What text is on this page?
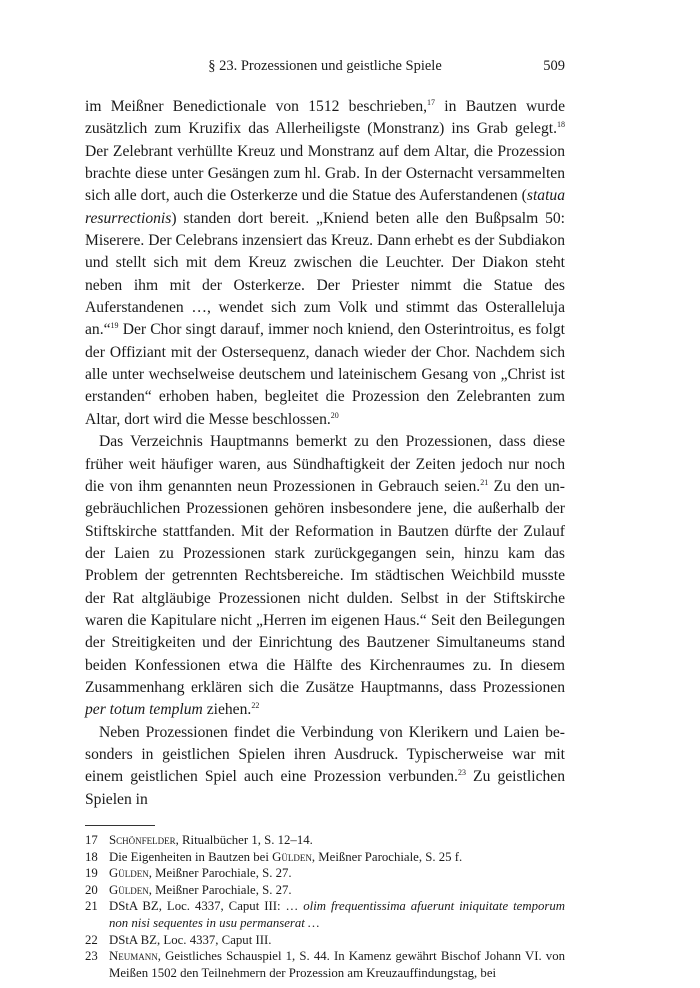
§ 23. Prozessionen und geistliche Spiele	509

im Meißner Benedictionale von 1512 beschrieben,$^{17}$ in Bautzen wurde zusätzlich zum Kruzifix das Allerheiligste (Monstranz) ins Grab gelegt.$^{18}$ Der Zelebrant verhüllte Kreuz und Monstranz auf dem Altar, die Prozession brachte diese unter Gesängen zum hl. Grab. In der Osternacht versammelten sich alle dort, auch die Osterkerze und die Statue des Auferstandenen (statua resurrectionis) standen dort bereit. „Kniend beten alle den Bußpsalm 50: Miserere. Der Celebrans inzensiert das Kreuz. Dann erhebt es der Subdiakon und stellt sich mit dem Kreuz zwischen die Leuchter. Der Diakon steht neben ihm mit der Osterkerze. Der Priester nimmt die Statue des Auferstandenen …, wendet sich zum Volk und stimmt das Osteralleluja an.“$^{19}$ Der Chor singt darauf, immer noch kniend, den Osterintroitus, es folgt der Offiziant mit der Ostersequenz, danach wieder der Chor. Nachdem sich alle unter wechselweise deutschem und lateinischem Gesang von „Christ ist erstanden“ erhoben haben, begleitet die Prozession den Zelebranten zum Altar, dort wird die Messe beschlossen.$^{20}$

Das Verzeichnis Hauptmanns bemerkt zu den Prozessionen, dass diese früher weit häufiger waren, aus Sündhaftigkeit der Zeiten jedoch nur noch die von ihm genannten neun Prozessionen in Gebrauch seien.$^{21}$ Zu den ungebräuchlichen Prozessionen gehören insbesondere jene, die außerhalb der Stiftskirche stattfanden. Mit der Reformation in Bautzen dürfte der Zulauf der Laien zu Prozessionen stark zurückgegangen sein, hinzu kam das Problem der getrennten Rechtsbereiche. Im städtischen Weichbild musste der Rat altgläubige Prozessionen nicht dulden. Selbst in der Stiftskirche waren die Kapitulare nicht „Herren im eigenen Haus.“ Seit den Beilegungen der Streitigkeiten und der Einrichtung des Bautzener Simultaneums stand beiden Konfessionen etwa die Hälfte des Kirchenraumes zu. In diesem Zusammenhang erklären sich die Zusätze Hauptmanns, dass Prozessionen per totum templum ziehen.$^{22}$

Neben Prozessionen findet die Verbindung von Klerikern und Laien besonders in geistlichen Spielen ihren Ausdruck. Typischerweise war mit einem geistlichen Spiel auch eine Prozession verbunden.$^{23}$ Zu geistlichen Spielen in

17 Schönfelder, Ritualbücher 1, S. 12–14.
18 Die Eigenheiten in Bautzen bei Gülden, Meißner Parochiale, S. 25 f.
19 Gülden, Meißner Parochiale, S. 27.
20 Gülden, Meißner Parochiale, S. 27.
21 DStA BZ, Loc. 4337, Caput III: … olim frequentissima afuerunt iniquitate temporum non nisi sequentes in usu permanserat …
22 DStA BZ, Loc. 4337, Caput III.
23 Neumann, Geistliches Schauspiel 1, S. 44. In Kamenz gewährt Bischof Johann VI. von Meißen 1502 den Teilnehmern der Prozession am Kreuzauffindungstag, bei
